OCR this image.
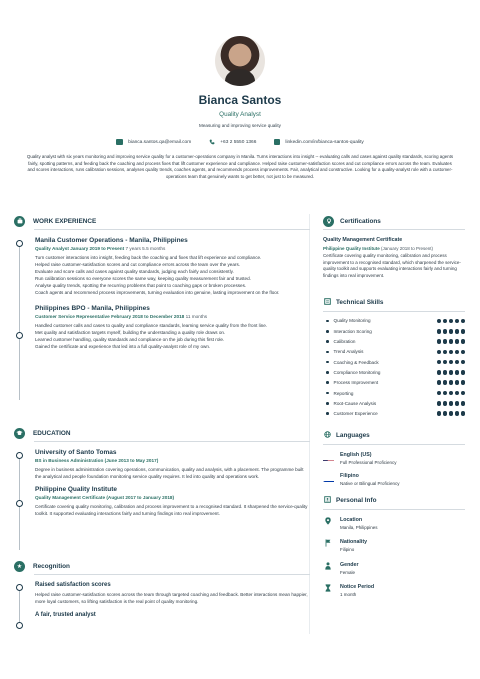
Bianca Santos
Quality Analyst
Measuring and improving service quality
bianca.santos.qa@email.com	+63 2 5550 1366	linkedin.com/in/bianca-santos-quality
Quality analyst with six years monitoring and improving service quality for a customer-operations company in Manila. Turns interactions into insight -- evaluating calls and cases against quality standards, scoring agents fairly, spotting patterns, and feeding back the coaching and process fixes that lift customer experience and compliance. Helped raise customer-satisfaction scores and cut compliance errors across the team. Evaluates and scores interactions, runs calibration sessions, analyses quality trends, coaches agents, and recommends process improvements. Fair, analytical and constructive. Looking for a quality-analyst role with a customer-operations team that genuinely wants to get better, not just to be measured.
WORK EXPERIENCE
Manila Customer Operations - Manila, Philippines
Quality Analyst January 2019 to Present 7 years 5.5 months
Turn customer interactions into insight, feeding back the coaching and fixes that lift experience and compliance.
Helped raise customer-satisfaction scores and cut compliance errors across the team over the years.
Evaluate and score calls and cases against quality standards, judging each fairly and consistently.
Run calibration sessions so everyone scores the same way, keeping quality measurement fair and trusted.
Analyse quality trends, spotting the recurring problems that point to coaching gaps or broken processes.
Coach agents and recommend process improvements, turning evaluation into genuine, lasting improvement on the floor.
Philippines BPO - Manila, Philippines
Customer Service Representative February 2018 to December 2018 11 months
Handled customer calls and cases to quality and compliance standards, learning service quality from the front line.
Met quality and satisfaction targets myself, building the understanding a quality role draws on.
Learned customer handling, quality standards and compliance on the job during this first role.
Gained the certificate and experience that led into a full quality-analyst role of my own.
EDUCATION
University of Santo Tomas
BS in Business Administration (June 2013 to May 2017)
Degree in business administration covering operations, communication, quality and analysis, with a placement. The programme built the analytical and people foundation monitoring service quality requires. It led into quality and operations work.
Philippine Quality Institute
Quality Management Certificate (August 2017 to January 2018)
Certificate covering quality monitoring, calibration and process improvement to a recognised standard. It sharpened the service-quality toolkit. It supported evaluating interactions fairly and turning findings into real improvement.
★	Recognition
Raised satisfaction scores
Helped raise customer-satisfaction scores across the team through targeted coaching and feedback. Better interactions mean happier, more loyal customers, so lifting satisfaction is the real point of quality monitoring.
A fair, trusted analyst
Certifications
Quality Management Certificate
Philippine Quality Institute (January 2018 to Present)
Certificate covering quality monitoring, calibration and process improvement to a recognised standard, which sharpened the service-quality toolkit and supports evaluating interactions fairly and turning findings into real improvement.
Technical Skills
Quality Monitoring
Interaction Scoring
Calibration
Trend Analysis
Coaching & Feedback
Compliance Monitoring
Process Improvement
Reporting
Root-Cause Analysis
Customer Experience
Languages
English (US)
Full Professional Proficiency
Filipino
Native or Bilingual Proficiency
Personal Info
Location
Manila, Philippines
Nationality
Filipino
Gender
Female
Notice Period
1 month
